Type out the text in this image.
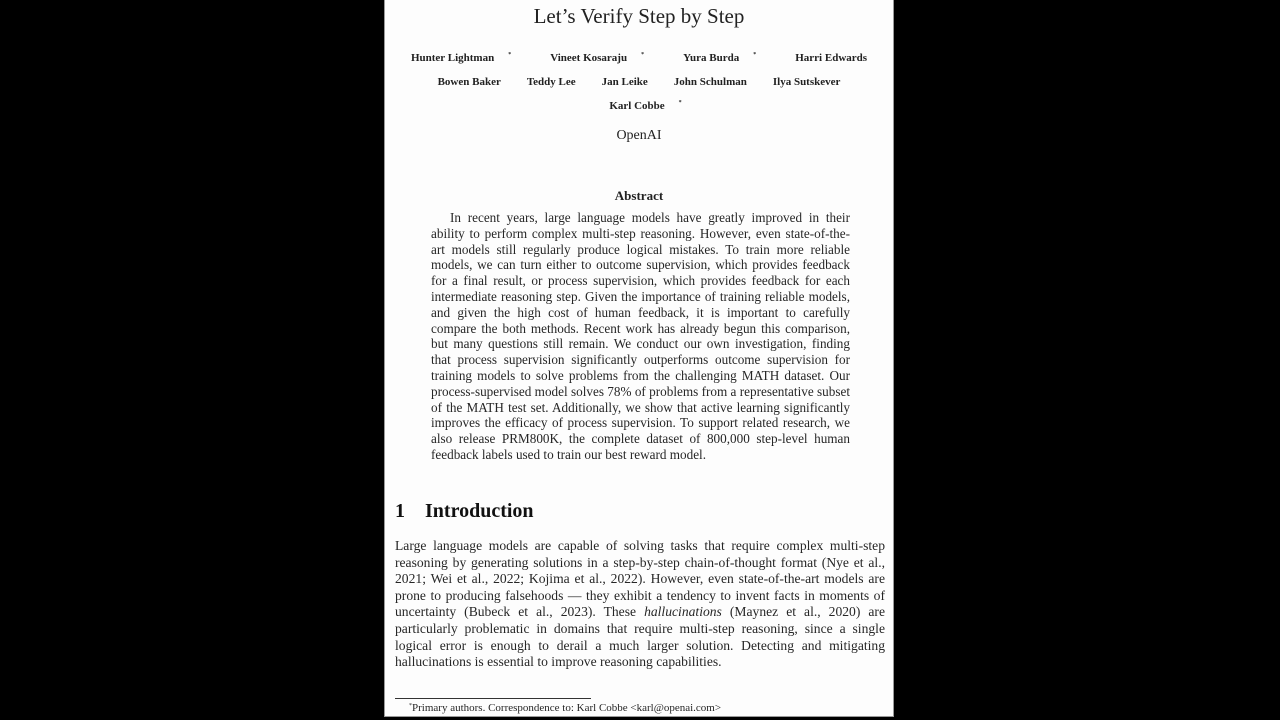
Let’s Verify Step by Step
Hunter Lightman *	Vineet Kosaraju *	Yura Burda *	Harri Edwards
Bowen Baker Teddy Lee Jan Leike John Schulman Ilya Sutskever
Karl Cobbe *
OpenAI
Abstract

In recent years, large language models have greatly improved in their ability to perform complex multi-step reasoning. However, even state-of-the-art models still regularly produce logical mistakes. To train more reliable models, we can turn either to outcome supervision, which provides feedback for a final result, or process supervision, which provides feedback for each intermediate reasoning step. Given the importance of training reliable models, and given the high cost of human feedback, it is important to carefully compare the both methods. Recent work has already begun this comparison, but many questions still remain. We conduct our own investigation, finding that process supervision significantly outperforms outcome supervision for training models to solve problems from the challenging MATH dataset. Our process-supervised model solves 78% of problems from a representative subset of the MATH test set. Additionally, we show that active learning significantly improves the efficacy of process supervision. To support related research, we also release PRM800K, the complete dataset of 800,000 step-level human feedback labels used to train our best reward model.

1 Introduction

Large language models are capable of solving tasks that require complex multi-step reasoning by generating solutions in a step-by-step chain-of-thought format (Nye et al., 2021; Wei et al., 2022; Kojima et al., 2022). However, even state-of-the-art models are prone to producing falsehoods — they exhibit a tendency to invent facts in moments of uncertainty (Bubeck et al., 2023). These hallucinations (Maynez et al., 2020) are particularly problematic in domains that require multi-step reasoning, since a single logical error is enough to derail a much larger solution. Detecting and mitigating hallucinations is essential to improve reasoning capabilities.

*Primary authors. Correspondence to: Karl Cobbe <karl@openai.com>
